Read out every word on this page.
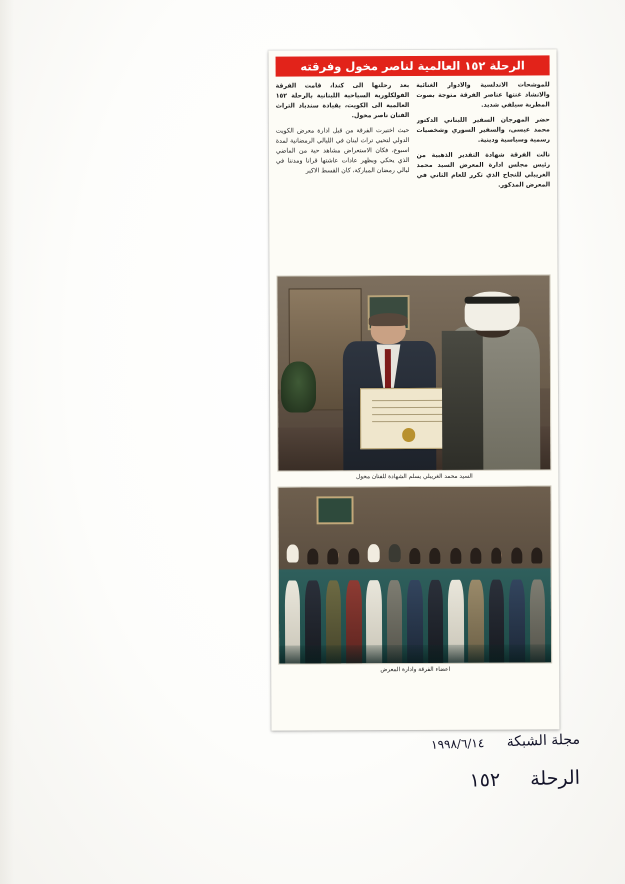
الرحلة ١٥٢ العالمية لناصر مخول وفرقته

بعد رحلتها الى كندا، قامت الفرقة الفولكلورية السياحية اللبنانية بالرحلة ١٥٢ العالمية الى الكويت، بقيادة سندباد التراث الفنان ناصر مخول.

حيث اختيرت الفرقة من قبل ادارة معرض الكويت الدولي لتحيي تراث لبنان في الليالي الرمضانية لمدة اسبوع، فكان الاستعراض مشاهد حية من الماضي الذي يحكي ويظهر عادات عاشتها قرانا ومدننا في ليالي رمضان المباركة، كان القسط الاكبر

للموشحات الاندلسية والادوار الغنائية والانشاد غنتها عناصر الفرقة متوجة بصوت المطربة سيلفي شديد.

حضر المهرجان السفير اللبناني الدكتور محمد عيسى، والسفير السوري وشخصيات رسمية وسياسية ودينية.

نالت الفرقة شهادة التقدير الذهبية من رئيس مجلس ادارة المعرض السيد محمد الغريبلي للنجاح الذي تكرر للعام الثاني في المعرض المذكور.

السيد محمد الغريبلي يسلم الشهادة للفنان مخول
اعضاء الفرقة وادارة المعرض
مجلة الشبكة ١٩٩٨/٦/١٤
الرحلة ١٥٢
